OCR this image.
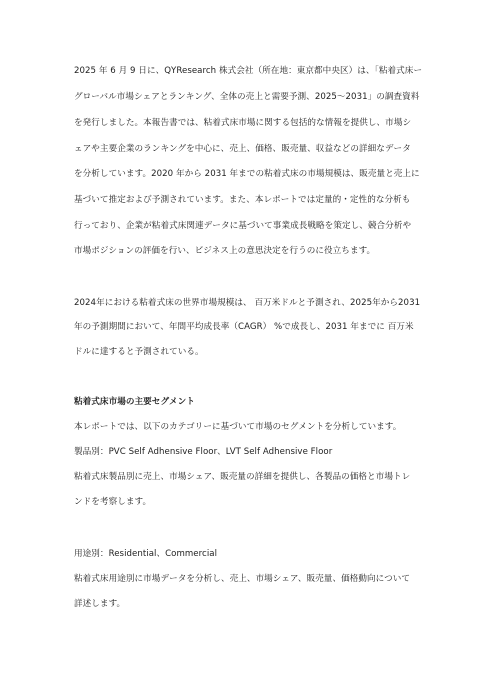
2025 年 6 月 9 日に、QYResearch 株式会社（所在地：東京都中央区）は、「粘着式床ー
グローバル市場シェアとランキング、全体の売上と需要予測、2025～2031」の調査資料
を発行しました。本報告書では、粘着式床市場に関する包括的な情報を提供し、市場シ
ェアや主要企業のランキングを中心に、売上、価格、販売量、収益などの詳細なデータ
を分析しています。2020 年から 2031 年までの粘着式床の市場規模は、販売量と売上に
基づいて推定および予測されています。また、本レポートでは定量的・定性的な分析も
行っており、企業が粘着式床関連データに基づいて事業成長戦略を策定し、競合分析や
市場ポジションの評価を行い、ビジネス上の意思決定を行うのに役立ちます。
2024年における粘着式床の世界市場規模は、 百万米ドルと予測され、2025年から2031
年の予測期間において、年間平均成長率（CAGR） %で成長し、2031 年までに 百万米
ドルに達すると予測されている。
粘着式床市場の主要セグメント
本レポートでは、以下のカテゴリーに基づいて市場のセグメントを分析しています。
製品別：PVC Self Adhensive Floor、LVT Self Adhensive Floor
粘着式床製品別に売上、市場シェア、販売量の詳細を提供し、各製品の価格と市場トレ
ンドを考察します。
用途別：Residential、Commercial
粘着式床用途別に市場データを分析し、売上、市場シェア、販売量、価格動向について
詳述します。
